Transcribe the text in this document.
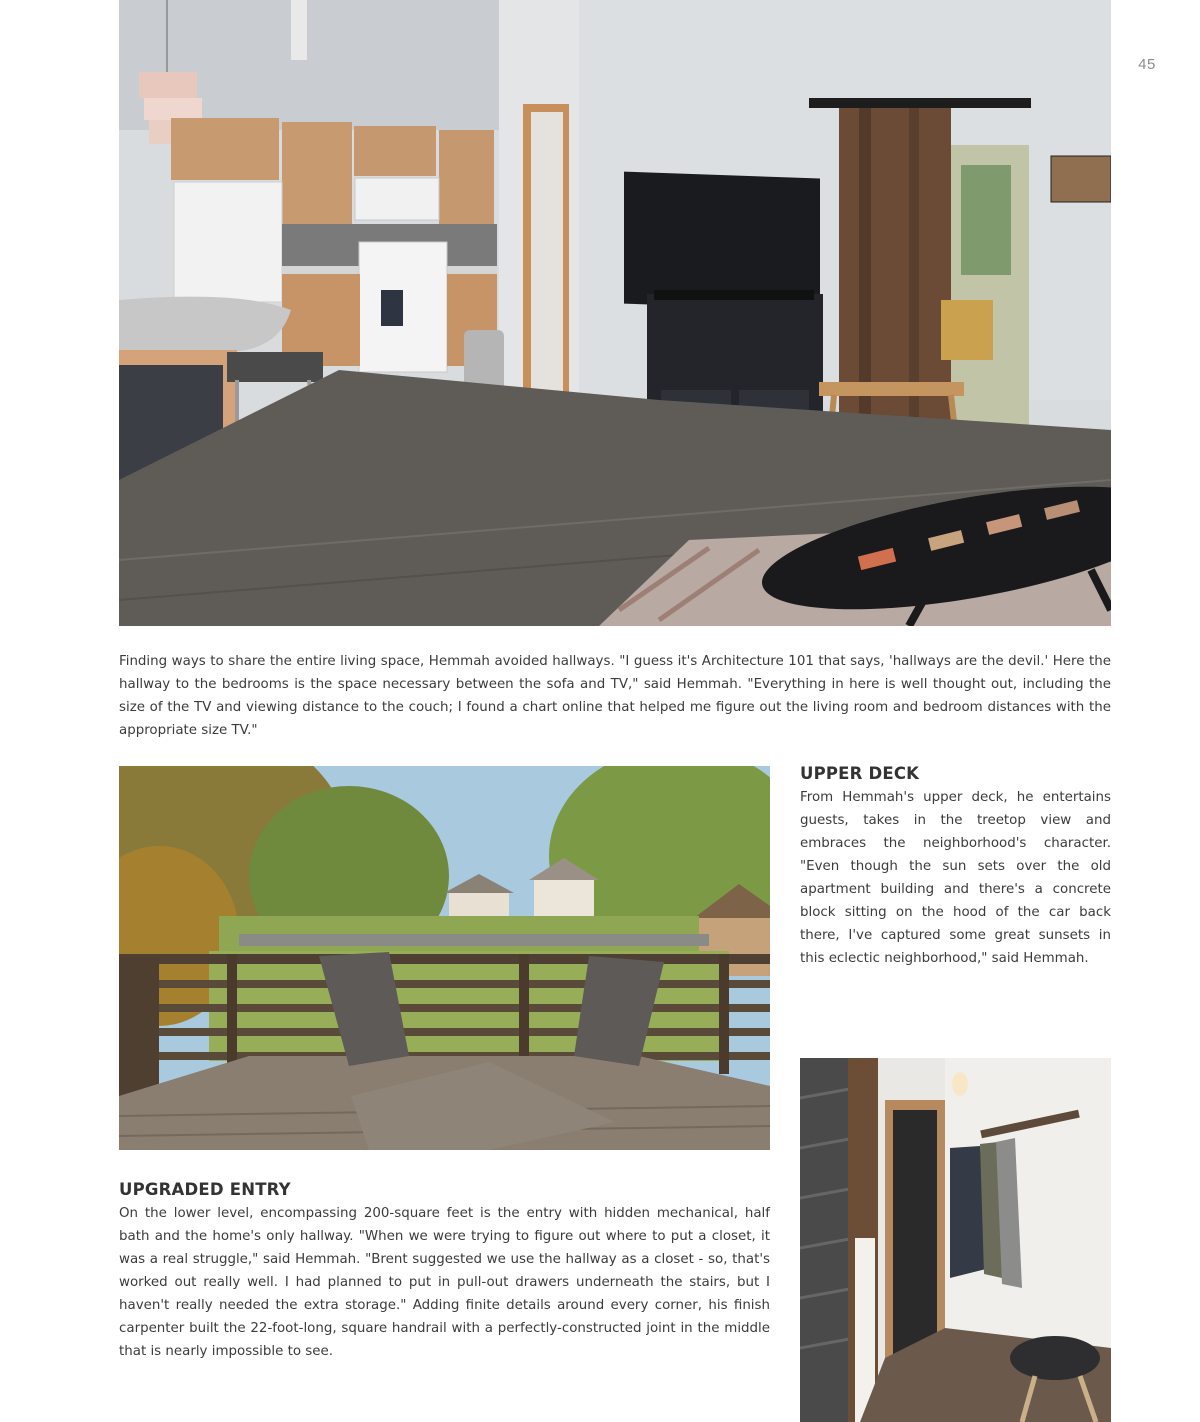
45

Finding ways to share the entire living space, Hemmah avoided hallways. "I guess it's Architecture 101 that says, 'hallways are the devil.' Here the hallway to the bedrooms is the space necessary between the sofa and TV," said Hemmah. "Everything in here is well thought out, including the size of the TV and viewing distance to the couch; I found a chart online that helped me figure out the living room and bedroom distances with the appropriate size TV."

UPPER DECK

From Hemmah's upper deck, he entertains guests, takes in the treetop view and embraces the neighborhood's character. "Even though the sun sets over the old apartment building and there's a concrete block sitting on the hood of the car back there, I've captured some great sunsets in this eclectic neighborhood," said Hemmah.

UPGRADED ENTRY

On the lower level, encompassing 200-square feet is the entry with hidden mechanical, half bath and the home's only hallway. "When we were trying to figure out where to put a closet, it was a real struggle," said Hemmah. "Brent suggested we use the hallway as a closet - so, that's worked out really well. I had planned to put in pull-out drawers underneath the stairs, but I haven't really needed the extra storage." Adding finite details around every corner, his finish carpenter built the 22-foot-long, square handrail with a perfectly-constructed joint in the middle that is nearly impossible to see.
